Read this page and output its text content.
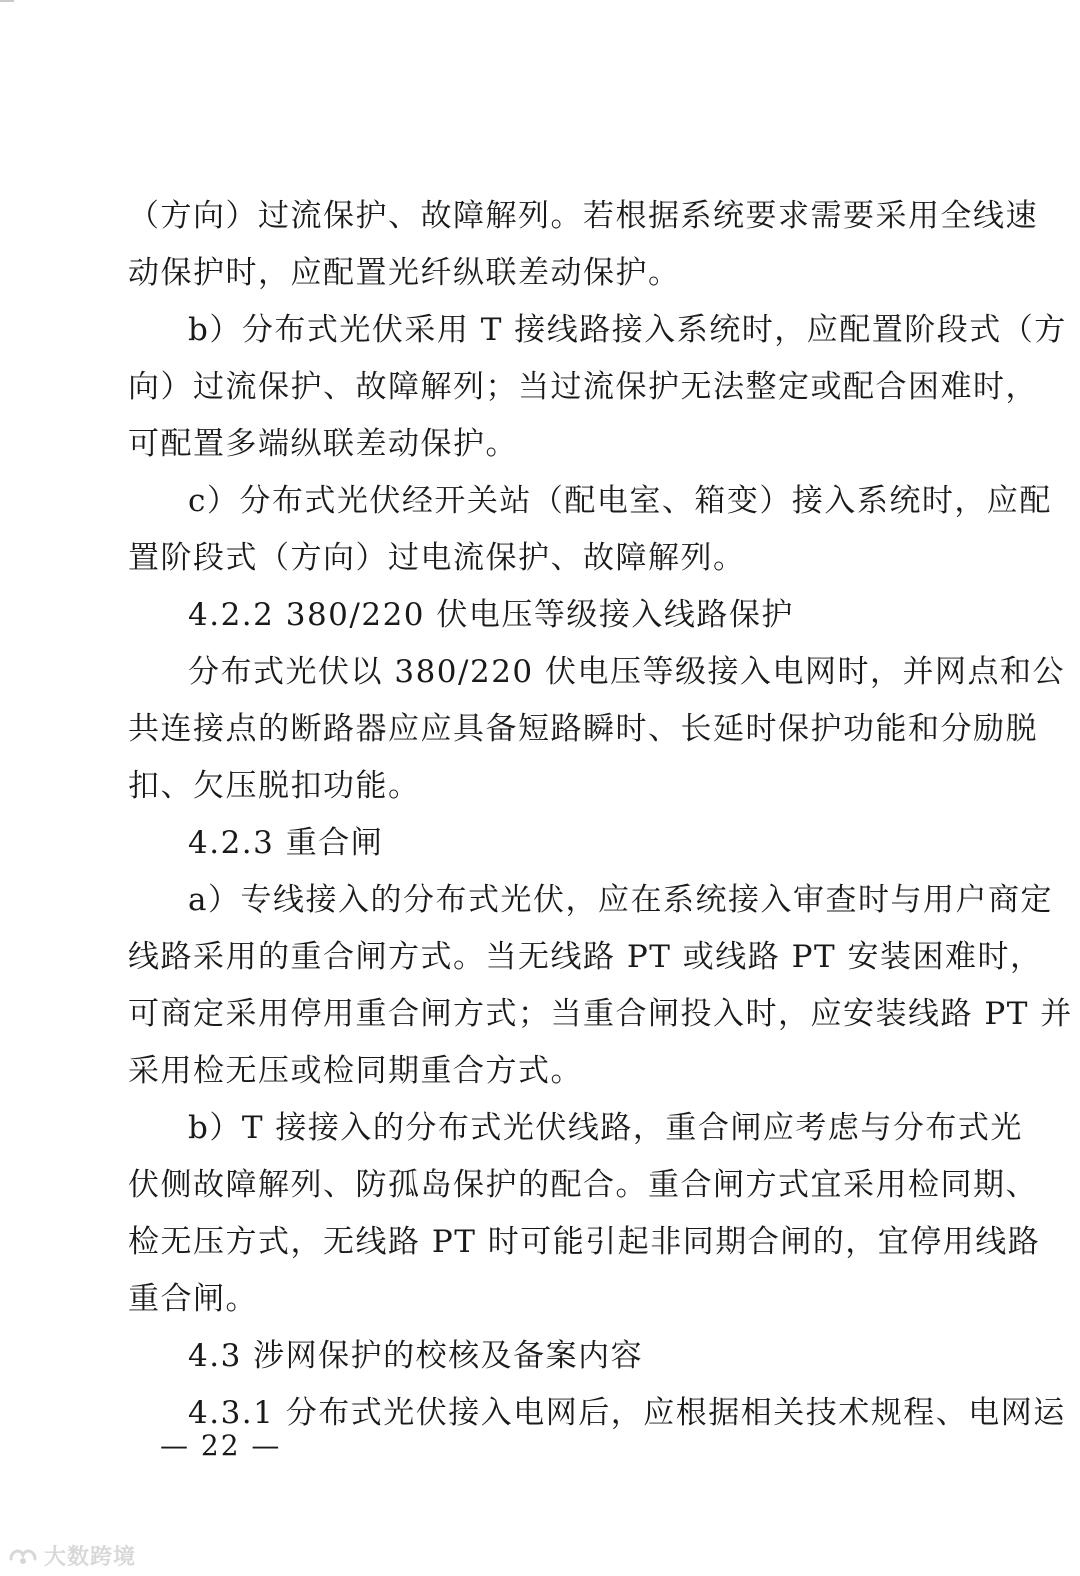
（方向）过流保护、故障解列。若根据系统要求需要采用全线速
动保护时，应配置光纤纵联差动保护。
b）分布式光伏采用 T 接线路接入系统时，应配置阶段式（方
向）过流保护、故障解列；当过流保护无法整定或配合困难时，
可配置多端纵联差动保护。
c）分布式光伏经开关站（配电室、箱变）接入系统时，应配
置阶段式（方向）过电流保护、故障解列。
4.2.2 380/220 伏电压等级接入线路保护
分布式光伏以 380/220 伏电压等级接入电网时，并网点和公
共连接点的断路器应应具备短路瞬时、长延时保护功能和分励脱
扣、欠压脱扣功能。
4.2.3 重合闸
a）专线接入的分布式光伏，应在系统接入审查时与用户商定
线路采用的重合闸方式。当无线路 PT 或线路 PT 安装困难时，
可商定采用停用重合闸方式；当重合闸投入时，应安装线路 PT 并
采用检无压或检同期重合方式。
b）T 接接入的分布式光伏线路，重合闸应考虑与分布式光
伏侧故障解列、防孤岛保护的配合。重合闸方式宜采用检同期、
检无压方式，无线路 PT 时可能引起非同期合闸的，宜停用线路
重合闸。
4.3 涉网保护的校核及备案内容
4.3.1 分布式光伏接入电网后，应根据相关技术规程、电网运
— 22 —
大数跨境
